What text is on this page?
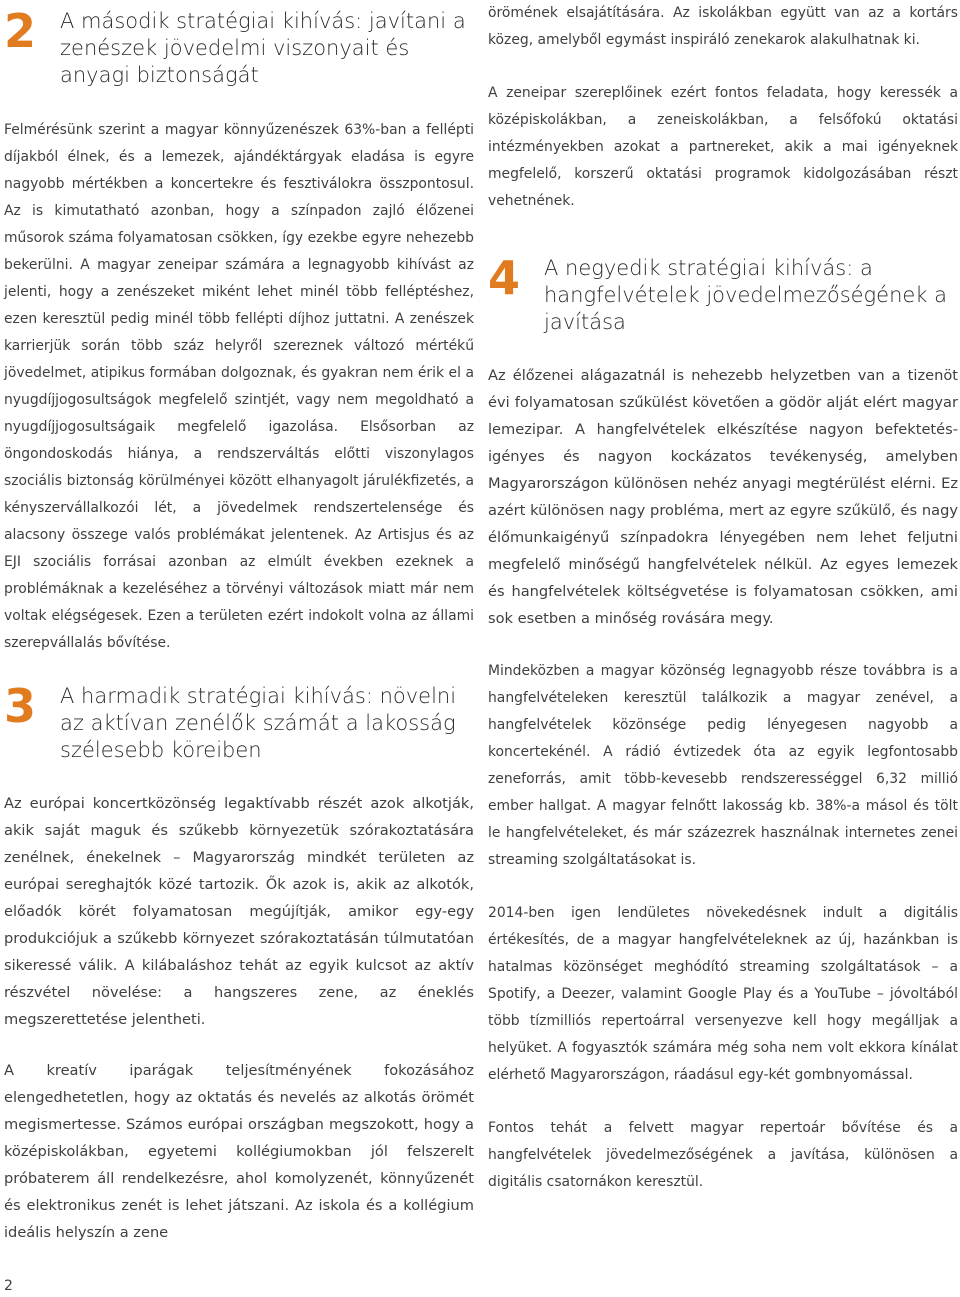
2 A második stratégiai kihívás: javítani a zenészek jövedelmi viszonyait és anyagi biztonságát

Felmérésünk szerint a magyar könnyűzenészek 63%-ban a fellépti díjakból élnek, és a lemezek, ajándéktárgyak eladása is egyre nagyobb mértékben a koncertekre és fesztiválokra összpontosul. Az is kimutatható azonban, hogy a színpadon zajló élőzenei műsorok száma folyamatosan csökken, így ezekbe egyre nehezebb bekerülni. A magyar zeneipar számára a legnagyobb kihívást az jelenti, hogy a zenészeket miként lehet minél több felléptéshez, ezen keresztül pedig minél több fellépti díjhoz juttatni. A zenészek karrierjük során több száz helyről szereznek változó mértékű jövedelmet, atipikus formában dolgoznak, és gyakran nem érik el a nyugdíjjogosultságok megfelelő szintjét, vagy nem megoldható a nyugdíjjogosultságaik megfelelő igazolása. Elsősorban az öngondoskodás hiánya, a rendszerváltás előtti viszonylagos szociális biztonság körülményei között elhanyagolt járulékfizetés, a kényszervállalkozói lét, a jövedelmek rendszertelensége és alacsony összege valós problémákat jelentenek. Az Artisjus és az EJI szociális forrásai azonban az elmúlt években ezeknek a problémáknak a kezeléséhez a törvényi változások miatt már nem voltak elégségesek. Ezen a területen ezért indokolt volna az állami szerepvállalás bővítése.

3 A harmadik stratégiai kihívás: növelni az aktívan zenélők számát a lakosság szélesebb köreiben

Az európai koncertközönség legaktívabb részét azok alkotják, akik saját maguk és szűkebb környezetük szórakoztatására zenélnek, énekelnek – Magyarország mindkét területen az európai sereghajtók közé tartozik. Ők azok is, akik az alkotók, előadók körét folyamatosan megújítják, amikor egy-egy produkciójuk a szűkebb környezet szórakoztatásán túlmutatóan sikeressé válik. A kilábaláshoz tehát az egyik kulcsot az aktív részvétel növelése: a hangszeres zene, az éneklés megszerettetése jelentheti.

A kreatív iparágak teljesítményének fokozásához elengedhetetlen, hogy az oktatás és nevelés az alkotás örömét megismertesse. Számos európai országban megszokott, hogy a középiskolákban, egyetemi kollégiumokban jól felszerelt próbaterem áll rendelkezésre, ahol komolyzenét, könnyűzenét és elektronikus zenét is lehet játszani. Az iskola és a kollégium ideális helyszín a zene

örömének elsajátítására. Az iskolákban együtt van az a kortárs közeg, amelyből egymást inspiráló zenekarok alakulhatnak ki.

A zeneipar szereplőinek ezért fontos feladata, hogy keressék a középiskolákban, a zeneiskolákban, a felsőfokú oktatási intézményekben azokat a partnereket, akik a mai igényeknek megfelelő, korszerű oktatási programok kidolgozásában részt vehetnének.

4 A negyedik stratégiai kihívás: a hangfelvételek jövedelmezőségének a javítása

Az élőzenei alágazatnál is nehezebb helyzetben van a tizenöt évi folyamatosan szűkülést követően a gödör alját elért magyar lemezipar. A hangfelvételek elkészítése nagyon befektetés-igényes és nagyon kockázatos tevékenység, amelyben Magyarországon különösen nehéz anyagi megtérülést elérni. Ez azért különösen nagy probléma, mert az egyre szűkülő, és nagy élőmunkaigényű színpadokra lényegében nem lehet feljutni megfelelő minőségű hangfelvételek nélkül. Az egyes lemezek és hangfelvételek költségvetése is folyamatosan csökken, ami sok esetben a minőség rovására megy.

Mindeközben a magyar közönség legnagyobb része továbbra is a hangfelvételeken keresztül találkozik a magyar zenével, a hangfelvételek közönsége pedig lényegesen nagyobb a koncertekénél. A rádió évtizedek óta az egyik legfontosabb zeneforrás, amit több-kevesebb rendszerességgel 6,32 millió ember hallgat. A magyar felnőtt lakosság kb. 38%-a másol és tölt le hangfelvételeket, és már százezrek használnak internetes zenei streaming szolgáltatásokat is.

2014-ben igen lendületes növekedésnek indult a digitális értékesítés, de a magyar hangfelvételeknek az új, hazánkban is hatalmas közönséget meghódító streaming szolgáltatások – a Spotify, a Deezer, valamint Google Play és a YouTube – jóvoltából több tízmilliós repertoárral versenyezve kell hogy megálljak a helyüket. A fogyasztók számára még soha nem volt ekkora kínálat elérhető Magyarországon, ráadásul egy-két gombnyomással.

Fontos tehát a felvett magyar repertoár bővítése és a hangfelvételek jövedelmezőségének a javítása, különösen a digitális csatornákon keresztül.

2
